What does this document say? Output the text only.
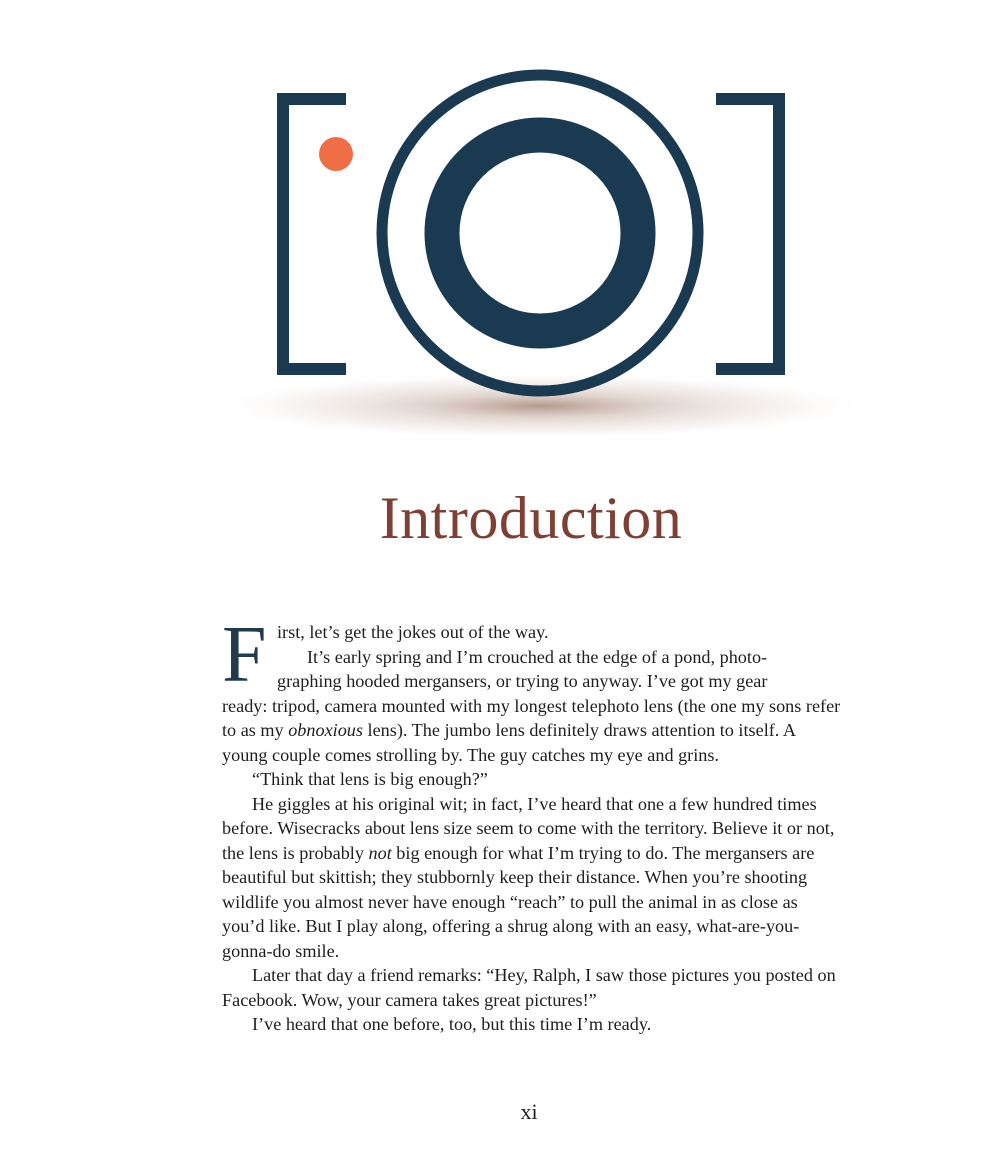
Introduction
F irst, let’s get the jokes out of the way.
It’s early spring and I’m crouched at the edge of a pond, photo-
graphing hooded mergansers, or trying to anyway. I’ve got my gear

ready: tripod, camera mounted with my longest telephoto lens (the one my sons refer to as my obnoxious lens). The jumbo lens definitely draws attention to itself. A young couple comes strolling by. The guy catches my eye and grins.

“Think that lens is big enough?”

He giggles at his original wit; in fact, I’ve heard that one a few hundred times before. Wisecracks about lens size seem to come with the territory. Believe it or not, the lens is probably not big enough for what I’m trying to do. The mergansers are beautiful but skittish; they stubbornly keep their distance. When you’re shooting wildlife you almost never have enough “reach” to pull the animal in as close as you’d like. But I play along, offering a shrug along with an easy, what-are-you-gonna-do smile.

Later that day a friend remarks: “Hey, Ralph, I saw those pictures you posted on Facebook. Wow, your camera takes great pictures!”

I’ve heard that one before, too, but this time I’m ready.

xi
